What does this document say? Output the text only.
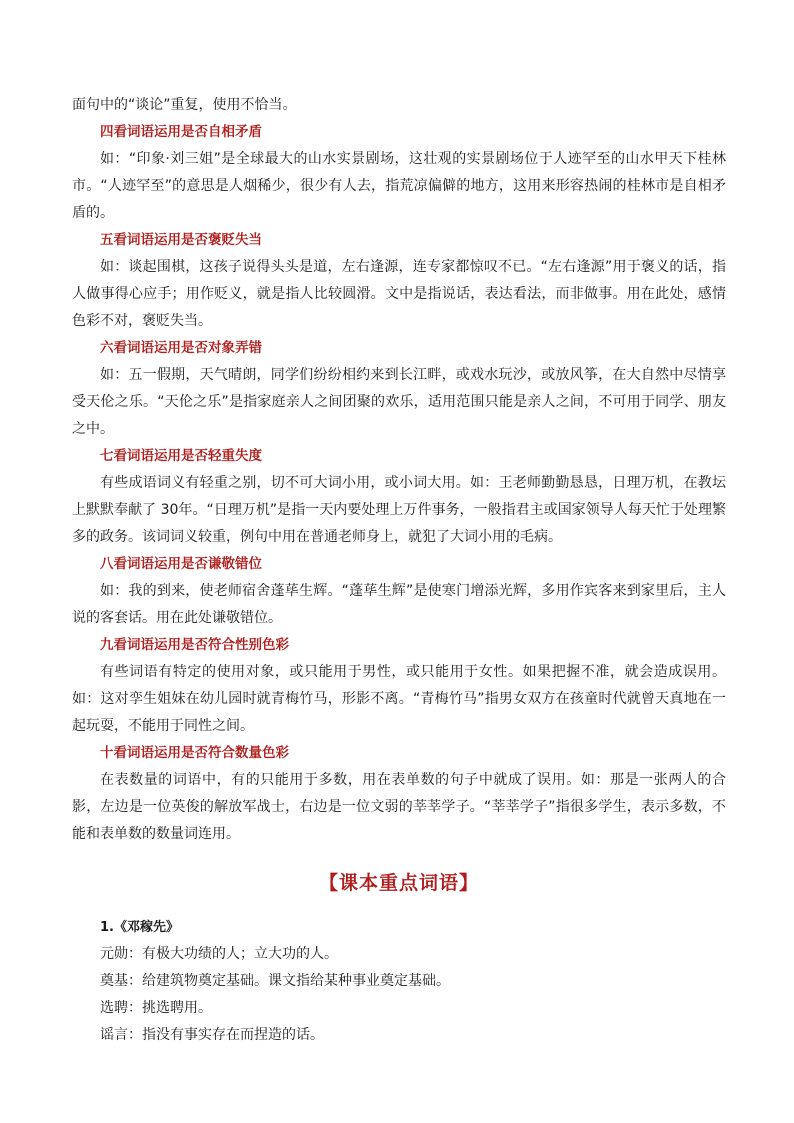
面句中的“谈论”重复，使用不恰当。

四看词语运用是否自相矛盾

如：“印象·刘三姐”是全球最大的山水实景剧场，这壮观的实景剧场位于人迹罕至的山水甲天下桂林市。“人迹罕至”的意思是人烟稀少，很少有人去，指荒凉偏僻的地方，这用来形容热闹的桂林市是自相矛盾的。

五看词语运用是否褒贬失当

如：谈起围棋，这孩子说得头头是道，左右逢源，连专家都惊叹不已。“左右逢源”用于褒义的话，指人做事得心应手；用作贬义，就是指人比较圆滑。文中是指说话，表达看法，而非做事。用在此处，感情色彩不对，褒贬失当。

六看词语运用是否对象弄错

如：五一假期，天气晴朗，同学们纷纷相约来到长江畔，或戏水玩沙，或放风筝，在大自然中尽情享受天伦之乐。“天伦之乐”是指家庭亲人之间团聚的欢乐，适用范围只能是亲人之间，不可用于同学、朋友之中。

七看词语运用是否轻重失度

有些成语词义有轻重之别，切不可大词小用，或小词大用。如：王老师勤勤恳恳，日理万机，在教坛上默默奉献了 30年。“日理万机”是指一天内要处理上万件事务，一般指君主或国家领导人每天忙于处理繁多的政务。该词词义较重，例句中用在普通老师身上，就犯了大词小用的毛病。

八看词语运用是否谦敬错位

如：我的到来，使老师宿舍蓬荜生辉。“蓬荜生辉”是使寒门增添光辉，多用作宾客来到家里后，主人说的客套话。用在此处谦敬错位。

九看词语运用是否符合性别色彩

有些词语有特定的使用对象，或只能用于男性，或只能用于女性。如果把握不准，就会造成误用。如：这对孪生姐妹在幼儿园时就青梅竹马，形影不离。“青梅竹马”指男女双方在孩童时代就曾天真地在一起玩耍，不能用于同性之间。

十看词语运用是否符合数量色彩

在表数量的词语中，有的只能用于多数，用在表单数的句子中就成了误用。如：那是一张两人的合影，左边是一位英俊的解放军战士，右边是一位文弱的莘莘学子。“莘莘学子”指很多学生，表示多数，不能和表单数的数量词连用。

【课本重点词语】
1.《邓稼先》

元勋：有极大功绩的人；立大功的人。

奠基：给建筑物奠定基础。课文指给某种事业奠定基础。

选聘：挑选聘用。

谣言：指没有事实存在而捏造的话。
